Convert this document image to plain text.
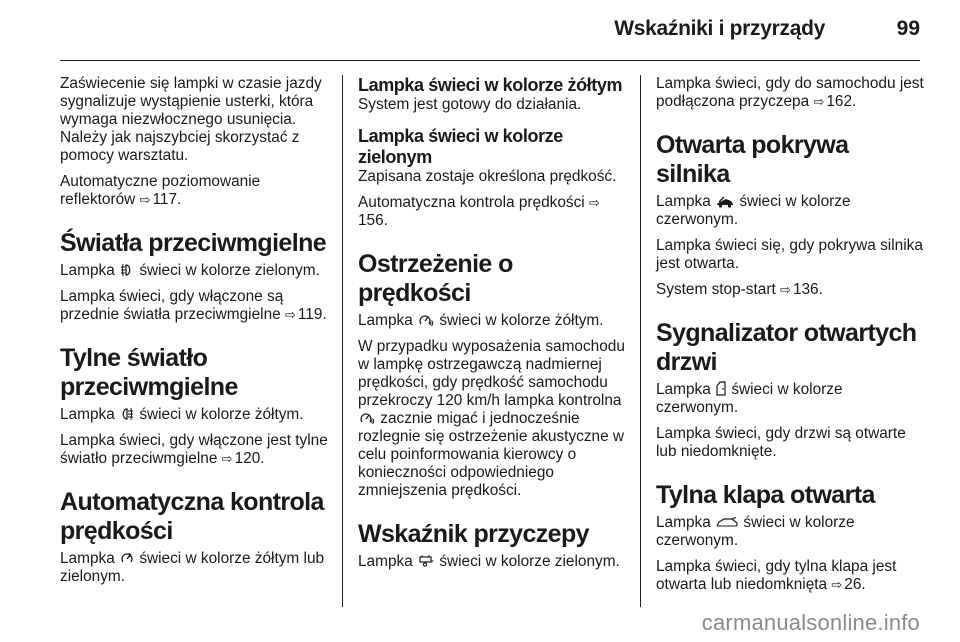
Wskaźniki i przyrządy	99

Zaświecenie się lampki w czasie jazdy sygnalizuje wystąpienie usterki, która wymaga niezwłocznego usunięcia. Należy jak najszybciej skorzystać z pomocy warsztatu.

Automatyczne poziomowanie reflektorów ⇨ 117.

Światła przeciwmgielne

Lampka świeci w kolorze zielonym.

Lampka świeci, gdy włączone są przednie światła przeciwmgielne ⇨ 119.

Tylne światło przeciwmgielne

Lampka świeci w kolorze żółtym.

Lampka świeci, gdy włączone jest tylne światło przeciwmgielne ⇨ 120.

Automatyczna kontrola prędkości

Lampka świeci w kolorze żółtym lub zielonym.

Lampka świeci w kolorze żółtym

System jest gotowy do działania.

Lampka świeci w kolorze zielonym

Zapisana zostaje określona prędkość.

Automatyczna kontrola prędkości ⇨156.

Ostrzeżenie o prędkości

Lampka świeci w kolorze żółtym.

W przypadku wyposażenia samochodu w lampkę ostrzegawczą nadmiernej prędkości, gdy prędkość samochodu przekroczy 120 km/h lampka kontrolna
zacznie migać i jednocześnie rozlegnie się ostrzeżenie akustyczne w celu poinformowania kierowcy o konieczności odpowiedniego zmniejszenia prędkości.

Wskaźnik przyczepy

Lampka świeci w kolorze zielonym.

Lampka świeci, gdy do samochodu jest podłączona przyczepa ⇨ 162.

Otwarta pokrywa silnika

Lampka świeci w kolorze czerwonym.

Lampka świeci się, gdy pokrywa silnika jest otwarta.

System stop-start ⇨ 136.

Sygnalizator otwartych drzwi

Lampka świeci w kolorze czerwonym.

Lampka świeci, gdy drzwi są otwarte lub niedomknięte.

Tylna klapa otwarta

Lampka świeci w kolorze czerwonym.

Lampka świeci, gdy tylna klapa jest otwarta lub niedomknięta ⇨ 26.

carmanualsonline.info
